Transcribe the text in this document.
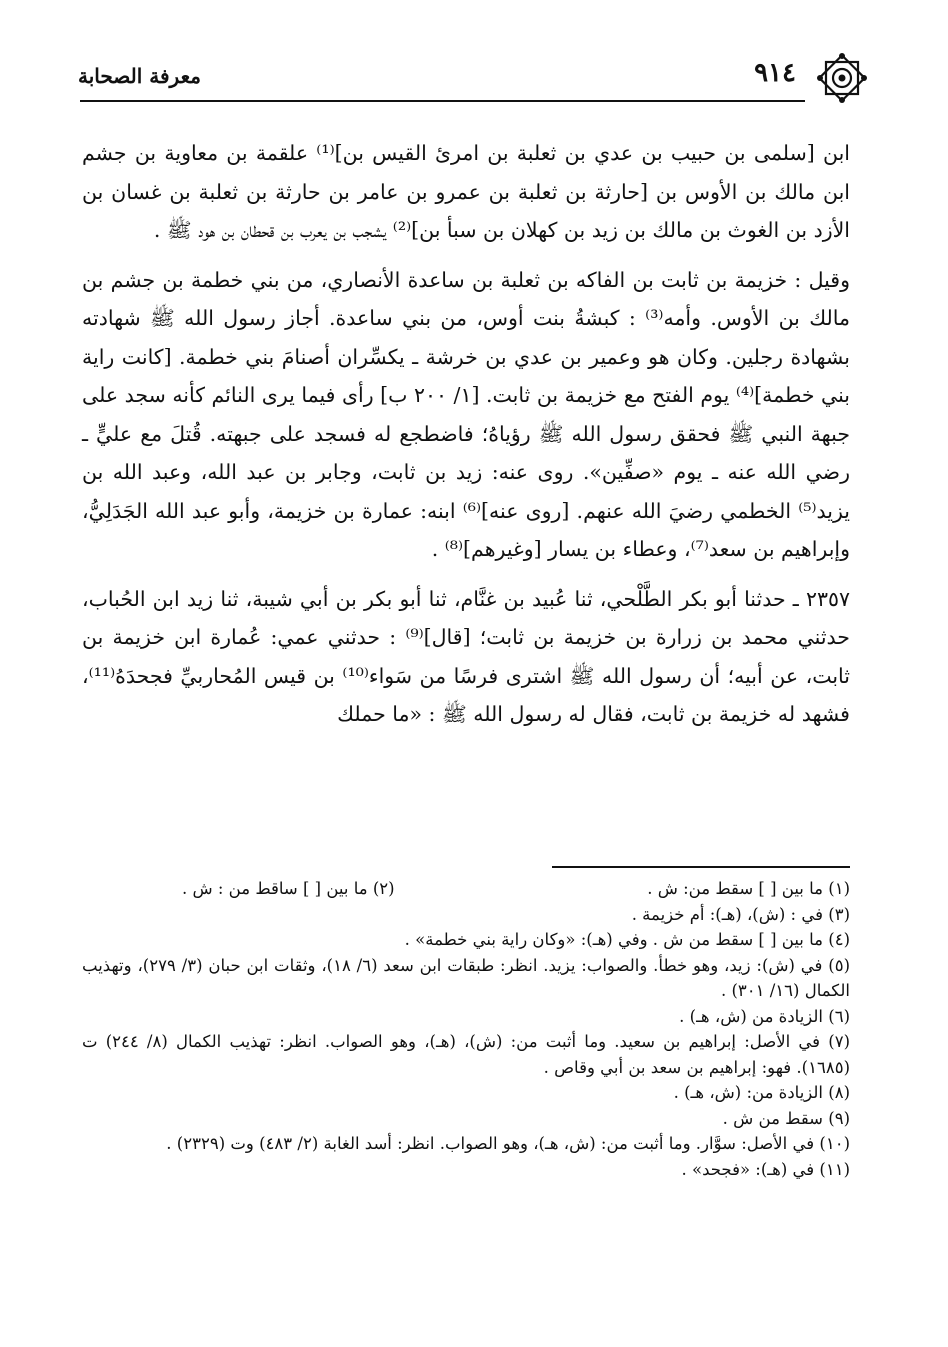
٩١٤
معرفة الصحابة

ابن [سلمى بن حبيب بن عدي بن ثعلبة بن امرئ القيس بن]⁽¹⁾ علقمة بن معاوية بن جشم ابن مالك بن الأوس بن [حارثة بن ثعلبة بن عمرو بن عامر بن حارثة بن ثعلبة بن غسان بن الأزد بن الغوث بن مالك بن زيد بن كهلان بن سبأ بن]⁽²⁾ يشجب بن يعرب بن قحطان بن هود ﷺ .

وقيل : خزيمة بن ثابت بن الفاكه بن ثعلبة بن ساعدة الأنصاري، من بني خطمة بن جشم بن مالك بن الأوس. وأمه⁽³⁾ : كبشةُ بنت أوس، من بني ساعدة. أجاز رسول الله ﷺ شهادته بشهادة رجلين. وكان هو وعمير بن عدي بن خرشة ـ يكسِّران أصنامَ بني خطمة. [كانت راية بني خطمة]⁽⁴⁾ يوم الفتح مع خزيمة بن ثابت. [١/ ٢٠٠ ب] رأى فيما يرى النائم كأنه سجد على جبهة النبي ﷺ فحقق رسول الله ﷺ رؤياهُ؛ فاضطجع له فسجد على جبهته. قُتلَ مع عليٍّ ـ رضي الله عنه ـ يوم «صفِّين». روى عنه: زيد بن ثابت، وجابر بن عبد الله، وعبد الله بن يزيد⁽⁵⁾ الخطمي رضيَ الله عنهم. [روى عنه]⁽⁶⁾ ابنه: عمارة بن خزيمة، وأبو عبد الله الجَدَلِيُّ، وإبراهيم بن سعد⁽⁷⁾، وعطاء بن يسار [وغيرهم]⁽⁸⁾ .

٢٣٥٧ ـ حدثنا أبو بكر الطَّلْحي، ثنا عُبيد بن غنَّام، ثنا أبو بكر بن أبي شيبة، ثنا زيد ابن الحُباب، حدثني محمد بن زرارة بن خزيمة بن ثابت؛ [قال]⁽⁹⁾ : حدثني عمي: عُمارة ابن خزيمة بن ثابت، عن أبيه؛ أن رسول الله ﷺ اشترى فرسًا من سَواء⁽¹⁰⁾ بن قيس المُحاربيِّ فجحدَهُ⁽¹¹⁾، فشهد له خزيمة بن ثابت، فقال له رسول الله ﷺ : «ما حملك

(١) ما بين [ ] سقط من: ش .

(٢) ما بين [ ] ساقط من : ش .

(٣) في : (ش)، (هـ): أم خزيمة .

(٤) ما بين [ ] سقط من ش . وفي (هـ): «وكان راية بني خطمة» .

(٥) في (ش): زيد، وهو خطأ. والصواب: يزيد. انظر: طبقات ابن سعد (٦/ ١٨)، وثقات ابن حبان (٣/ ٢٧٩)، وتهذيب الكمال (١٦/ ٣٠١) .

(٦) الزيادة من (ش، هـ) .

(٧) في الأصل: إبراهيم بن سعيد. وما أثبت من: (ش)، (هـ)، وهو الصواب. انظر: تهذيب الكمال (٨/ ٢٤٤) ت (١٦٨٥). فهو: إبراهيم بن سعد بن أبي وقاص .

(٨) الزيادة من: (ش، هـ) .

(٩) سقط من ش .

(١٠) في الأصل: سوَّار. وما أثبت من: (ش، هـ)، وهو الصواب. انظر: أسد الغابة (٢/ ٤٨٣) وت (٢٣٢٩) .

(١١) في (هـ): «فجحد» .
